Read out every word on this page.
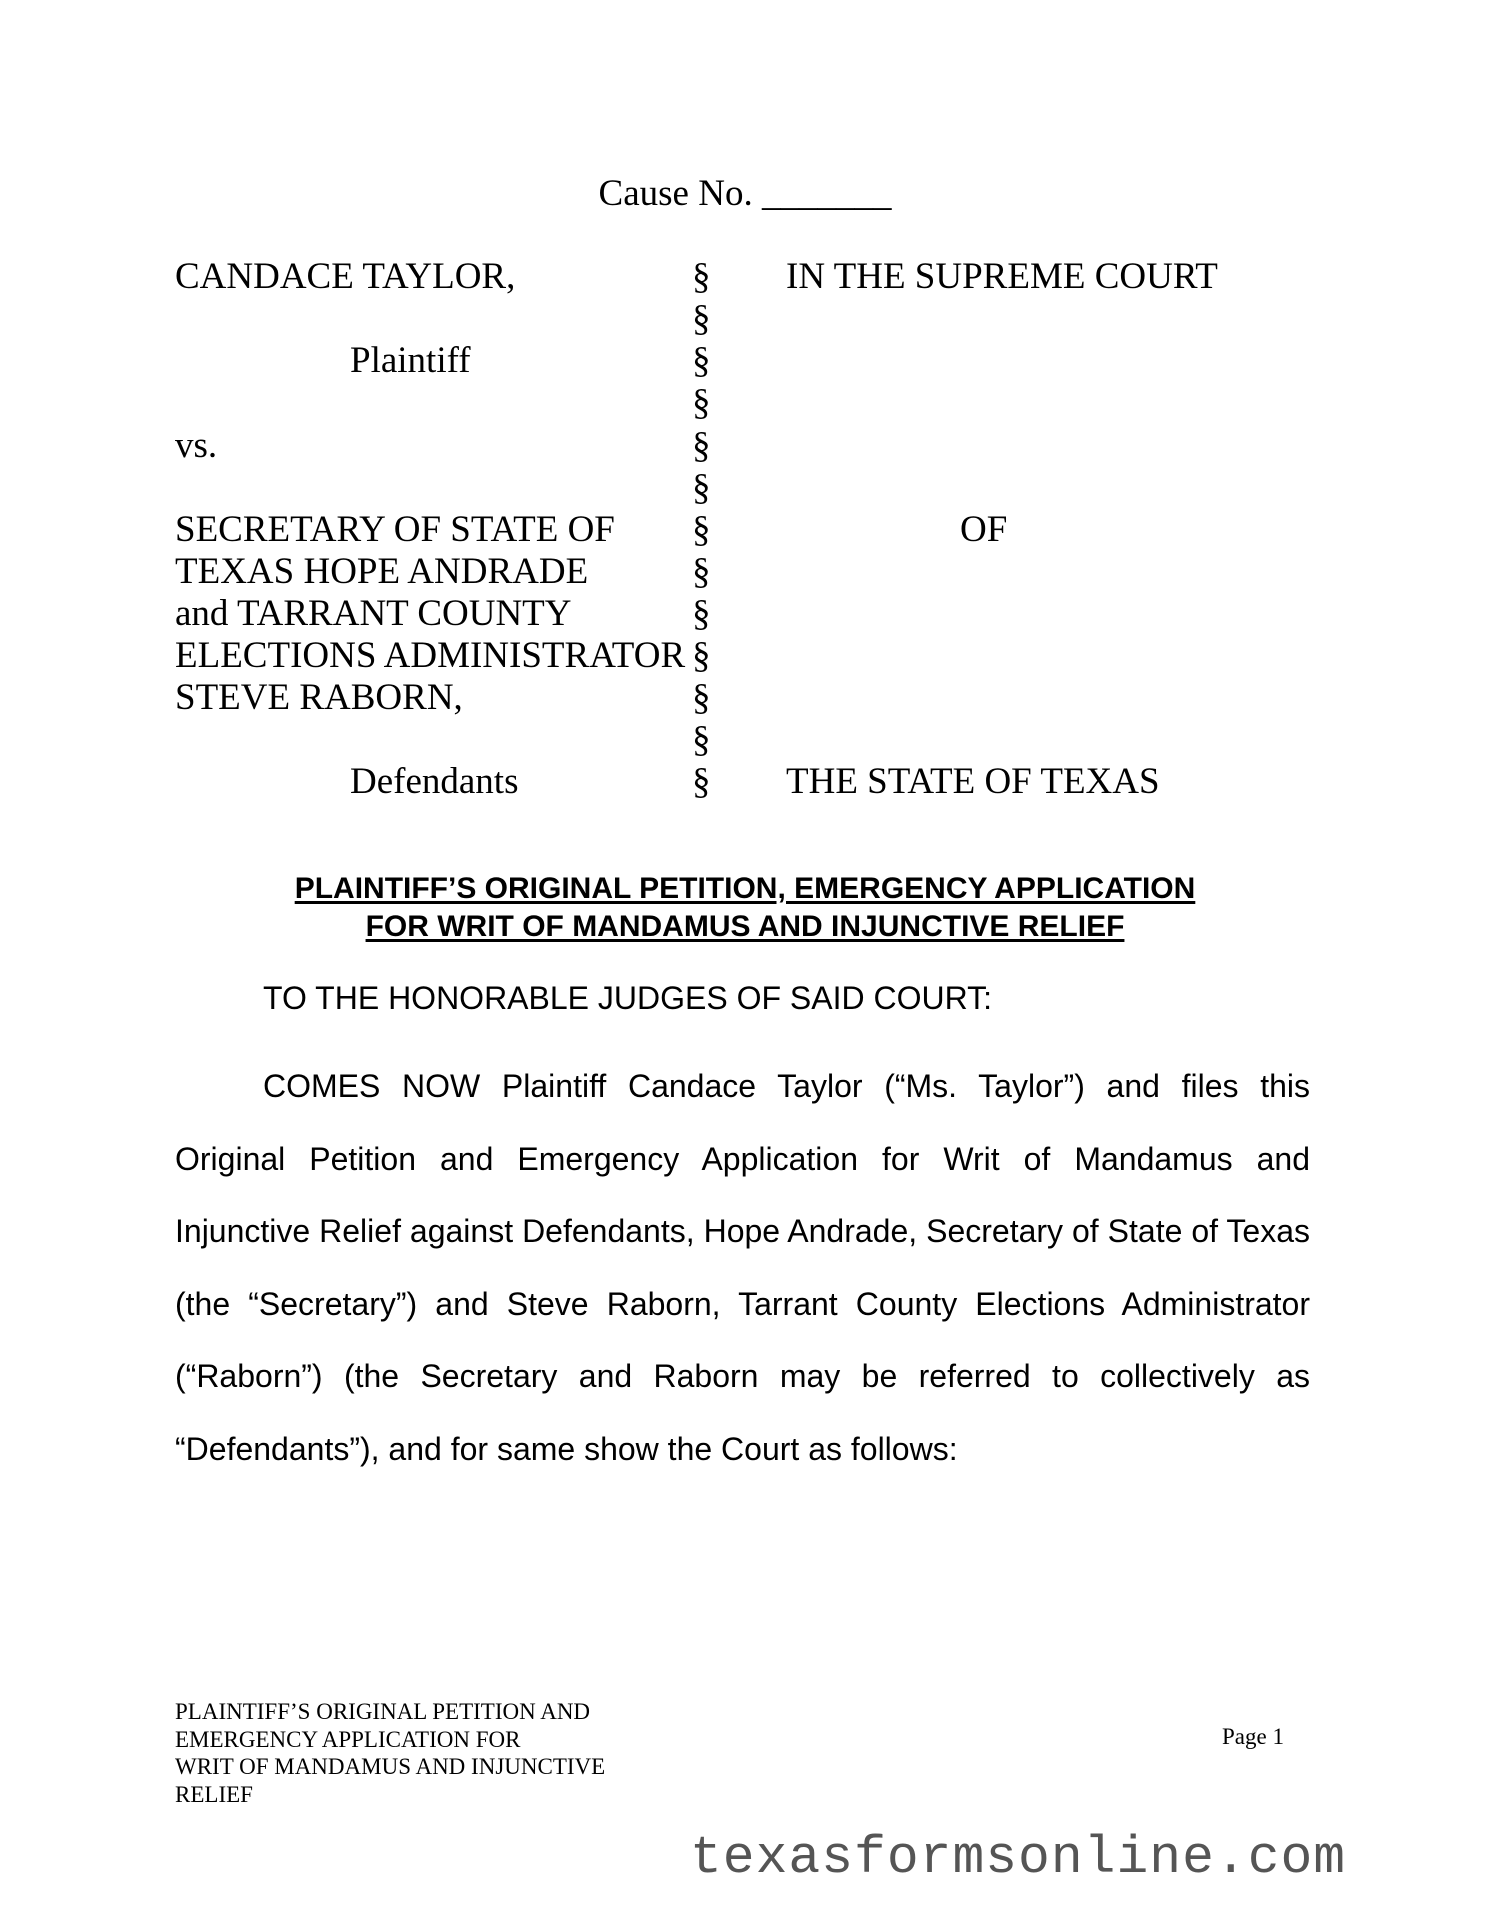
Cause No. _______
CANDACE TAYLOR,
Plaintiff
vs.
SECRETARY OF STATE OF
TEXAS HOPE ANDRADE
and TARRANT COUNTY
ELECTIONS ADMINISTRATOR
STEVE RABORN,
Defendants
§
§
§
§
§
§
§
§
§
§
§
§
§
IN THE SUPREME COURT
OF
THE STATE OF TEXAS
PLAINTIFF’S ORIGINAL PETITION, EMERGENCY APPLICATION
FOR WRIT OF MANDAMUS AND INJUNCTIVE RELIEF
TO THE HONORABLE JUDGES OF SAID COURT:

COMES NOW Plaintiff Candace Taylor (“Ms. Taylor”) and files this Original Petition and Emergency Application for Writ of Mandamus and Injunctive Relief against Defendants, Hope Andrade, Secretary of State of Texas (the “Secretary”) and Steve Raborn, Tarrant County Elections Administrator (“Raborn”) (the Secretary and Raborn may be referred to collectively as “Defendants”), and for same show the Court as follows:

PLAINTIFF’S ORIGINAL PETITION AND
EMERGENCY APPLICATION FOR
WRIT OF MANDAMUS AND INJUNCTIVE
RELIEF
Page 1
texasformsonline.com
